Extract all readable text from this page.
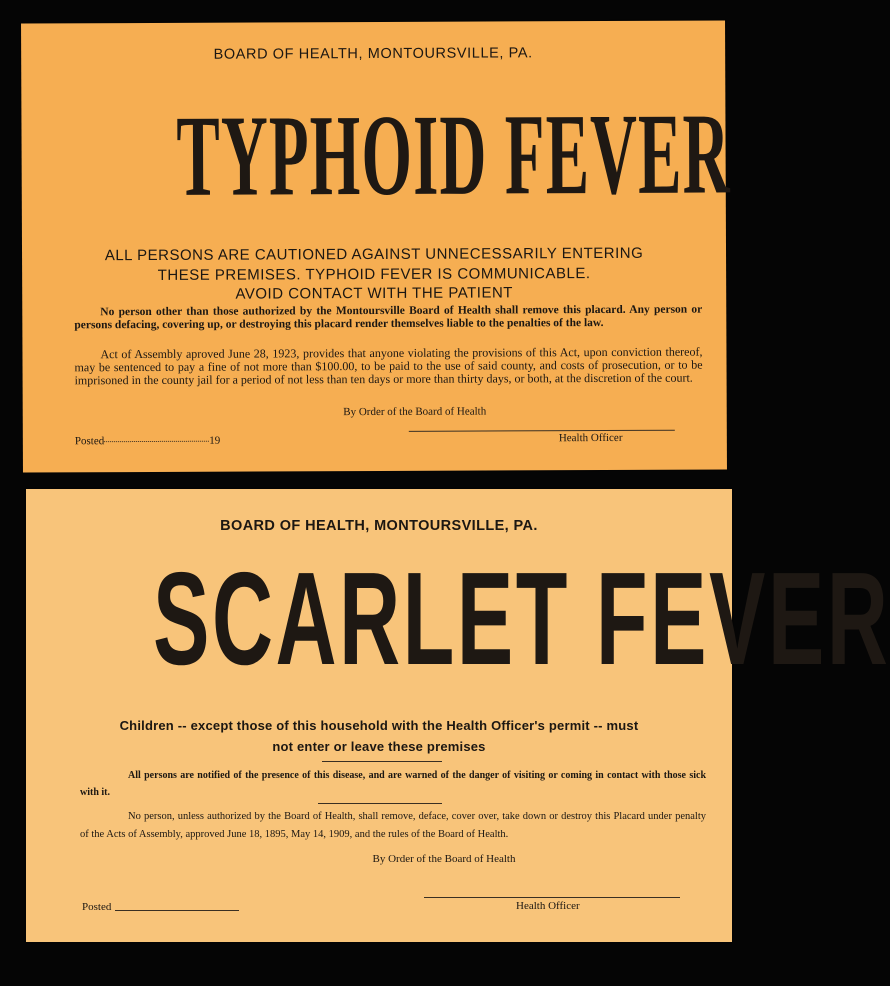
BOARD OF HEALTH, MONTOURSVILLE, PA.
TYPHOID FEVER
ALL PERSONS ARE CAUTIONED AGAINST UNNECESSARILY ENTERING
THESE PREMISES. TYPHOID FEVER IS COMMUNICABLE.
AVOID CONTACT WITH THE PATIENT
No person other than those authorized by the Montoursville Board of Health shall remove this placard. Any person or persons defacing, covering up, or destroying this placard render themselves liable to the penalties of the law.
Act of Assembly aproved June 28, 1923, provides that anyone violating the provisions of this Act, upon conviction thereof, may be sentenced to pay a fine of not more than $100.00, to be paid to the use of said county, and costs of prosecution, or to be imprisoned in the county jail for a period of not less than ten days or more than thirty days, or both, at the discretion of the court.
By Order of the Board of Health
Posted	19	Health Officer
BOARD OF HEALTH, MONTOURSVILLE, PA.
SCARLET FEVER
Children -- except those of this household with the Health Officer's permit -- must
not enter or leave these premises
All persons are notified of the presence of this disease, and are warned of the danger of visiting or coming in contact with those sick with it.
No person, unless authorized by the Board of Health, shall remove, deface, cover over, take down or destroy this Placard under penalty of the Acts of Assembly, approved June 18, 1895, May 14, 1909, and the rules of the Board of Health.
By Order of the Board of Health
Posted	Health Officer
